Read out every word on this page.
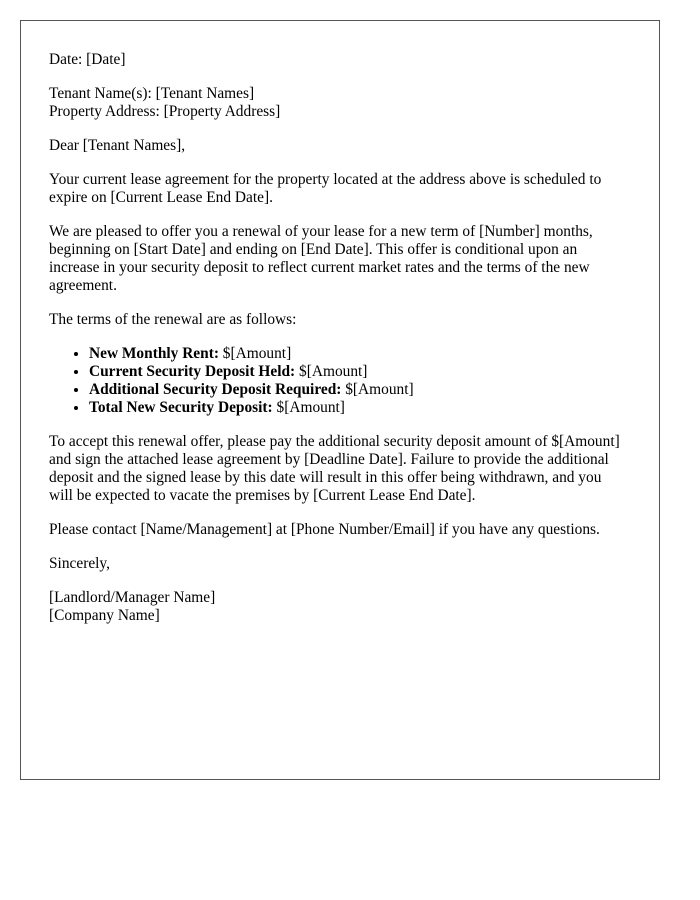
Date: [Date]

Tenant Name(s): [Tenant Names]
Property Address: [Property Address]

Dear [Tenant Names],

Your current lease agreement for the property located at the address above is scheduled to expire on [Current Lease End Date].

We are pleased to offer you a renewal of your lease for a new term of [Number] months, beginning on [Start Date] and ending on [End Date]. This offer is conditional upon an increase in your security deposit to reflect current market rates and the terms of the new agreement.

The terms of the renewal are as follows:

• New Monthly Rent: $[Amount]
• Current Security Deposit Held: $[Amount]
• Additional Security Deposit Required: $[Amount]
• Total New Security Deposit: $[Amount]

To accept this renewal offer, please pay the additional security deposit amount of $[Amount] and sign the attached lease agreement by [Deadline Date]. Failure to provide the additional deposit and the signed lease by this date will result in this offer being withdrawn, and you will be expected to vacate the premises by [Current Lease End Date].

Please contact [Name/Management] at [Phone Number/Email] if you have any questions.

Sincerely,

[Landlord/Manager Name]
[Company Name]
